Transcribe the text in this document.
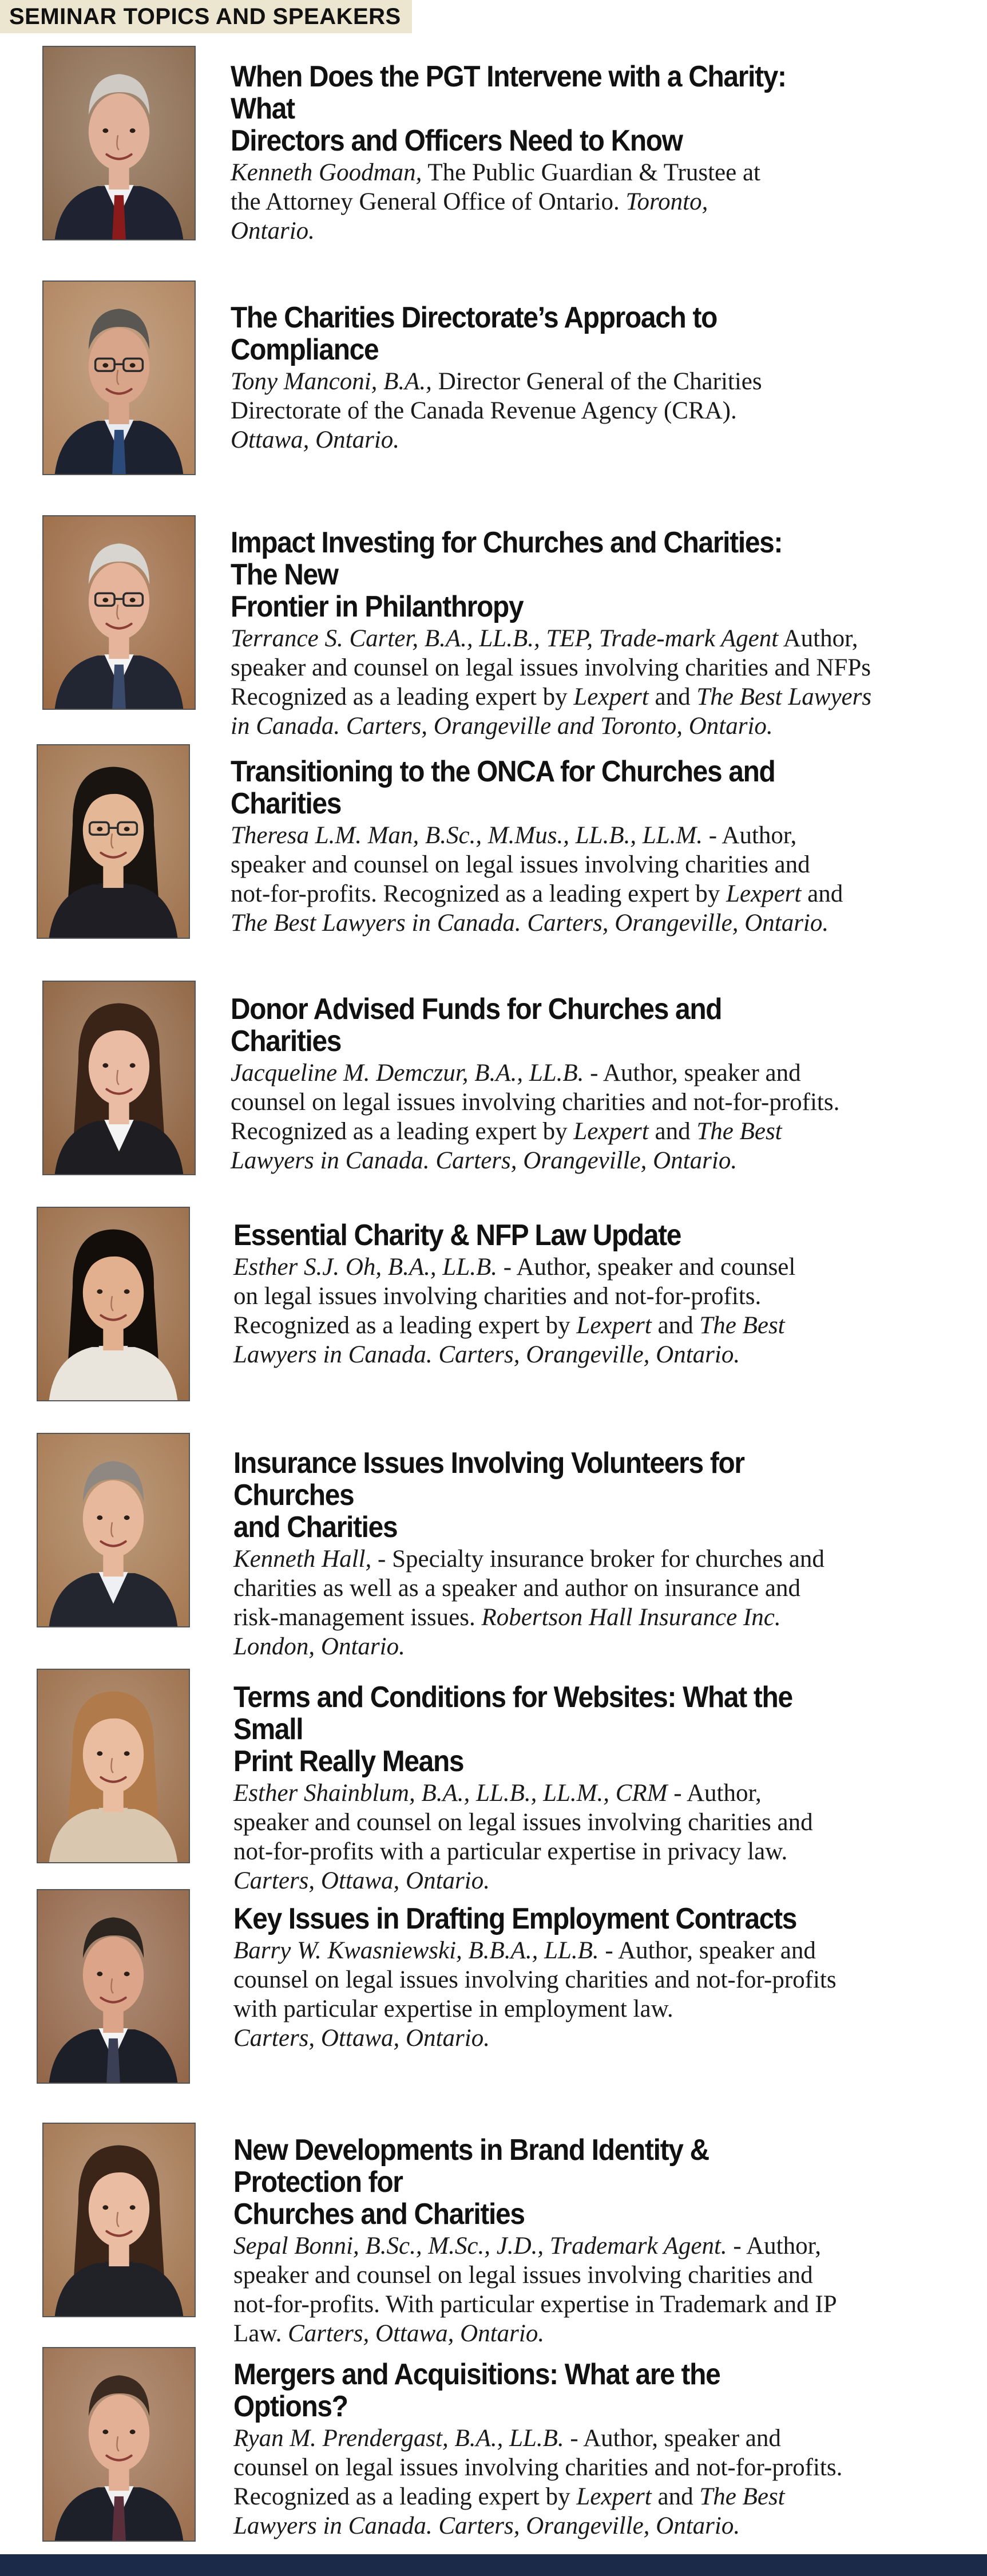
SEMINAR TOPICS AND SPEAKERS
When Does the PGT Intervene with a Charity: What
Directors and Officers Need to Know
Kenneth Goodman, The Public Guardian & Trustee at
the Attorney General Office of Ontario. Toronto,
Ontario.
The Charities Directorate’s Approach to Compliance
Tony Manconi, B.A., Director General of the Charities
Directorate of the Canada Revenue Agency (CRA).
Ottawa, Ontario.
Impact Investing for Churches and Charities: The New
Frontier in Philanthropy
Terrance S. Carter, B.A., LL.B., TEP, Trade-mark Agent Author,
speaker and counsel on legal issues involving charities and NFPs
Recognized as a leading expert by Lexpert and The Best Lawyers
in Canada. Carters, Orangeville and Toronto, Ontario.
Transitioning to the ONCA for Churches and
Charities
Theresa L.M. Man, B.Sc., M.Mus., LL.B., LL.M. - Author,
speaker and counsel on legal issues involving charities and
not-for-profits. Recognized as a leading expert by Lexpert and
The Best Lawyers in Canada. Carters, Orangeville, Ontario.
Donor Advised Funds for Churches and Charities
Jacqueline M. Demczur, B.A., LL.B. - Author, speaker and
counsel on legal issues involving charities and not-for-profits.
Recognized as a leading expert by Lexpert and The Best
Lawyers in Canada. Carters, Orangeville, Ontario.
Essential Charity & NFP Law Update
Esther S.J. Oh, B.A., LL.B. - Author, speaker and counsel
on legal issues involving charities and not-for-profits.
Recognized as a leading expert by Lexpert and The Best
Lawyers in Canada. Carters, Orangeville, Ontario.
Insurance Issues Involving Volunteers for Churches
and Charities
Kenneth Hall, - Specialty insurance broker for churches and
charities as well as a speaker and author on insurance and
risk-management issues. Robertson Hall Insurance Inc.
London, Ontario.
Terms and Conditions for Websites: What the Small
Print Really Means
Esther Shainblum, B.A., LL.B., LL.M., CRM - Author,
speaker and counsel on legal issues involving charities and
not-for-profits with a particular expertise in privacy law.
Carters, Ottawa, Ontario.
Key Issues in Drafting Employment Contracts
Barry W. Kwasniewski, B.B.A., LL.B. - Author, speaker and
counsel on legal issues involving charities and not-for-profits
with particular expertise in employment law.
Carters, Ottawa, Ontario.
New Developments in Brand Identity & Protection for
Churches and Charities
Sepal Bonni, B.Sc., M.Sc., J.D., Trademark Agent. - Author,
speaker and counsel on legal issues involving charities and
not-for-profits. With particular expertise in Trademark and IP
Law. Carters, Ottawa, Ontario.
Mergers and Acquisitions: What are the Options?
Ryan M. Prendergast, B.A., LL.B. - Author, speaker and
counsel on legal issues involving charities and not-for-profits.
Recognized as a leading expert by Lexpert and The Best
Lawyers in Canada. Carters, Orangeville, Ontario.
